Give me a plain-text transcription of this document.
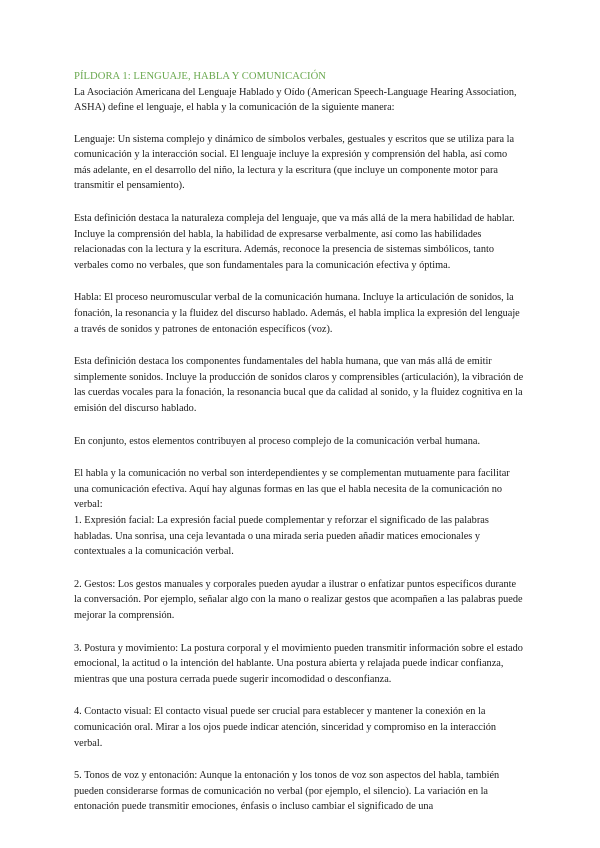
PÍLDORA 1: LENGUAJE, HABLA Y COMUNICACIÓN

La Asociación Americana del Lenguaje Hablado y Oído (American Speech-Language Hearing Association, ASHA) define el lenguaje, el habla y la comunicación de la siguiente manera:

Lenguaje: Un sistema complejo y dinámico de símbolos verbales, gestuales y escritos que se utiliza para la comunicación y la interacción social. El lenguaje incluye la expresión y comprensión del habla, así como más adelante, en el desarrollo del niño, la lectura y la escritura (que incluye un componente motor para transmitir el pensamiento).

Esta definición destaca la naturaleza compleja del lenguaje, que va más allá de la mera habilidad de hablar. Incluye la comprensión del habla, la habilidad de expresarse verbalmente, así como las habilidades relacionadas con la lectura y la escritura. Además, reconoce la presencia de sistemas simbólicos, tanto verbales como no verbales, que son fundamentales para la comunicación efectiva y óptima.

Habla: El proceso neuromuscular verbal de la comunicación humana. Incluye la articulación de sonidos, la fonación, la resonancia y la fluidez del discurso hablado. Además, el habla implica la expresión del lenguaje a través de sonidos y patrones de entonación específicos (voz).

Esta definición destaca los componentes fundamentales del habla humana, que van más allá de emitir simplemente sonidos. Incluye la producción de sonidos claros y comprensibles (articulación), la vibración de las cuerdas vocales para la fonación, la resonancia bucal que da calidad al sonido, y la fluidez cognitiva en la emisión del discurso hablado.

En conjunto, estos elementos contribuyen al proceso complejo de la comunicación verbal humana.

El habla y la comunicación no verbal son interdependientes y se complementan mutuamente para facilitar una comunicación efectiva. Aquí hay algunas formas en las que el habla necesita de la comunicación no verbal:

1. Expresión facial: La expresión facial puede complementar y reforzar el significado de las palabras habladas. Una sonrisa, una ceja levantada o una mirada seria pueden añadir matices emocionales y contextuales a la comunicación verbal.

2. Gestos: Los gestos manuales y corporales pueden ayudar a ilustrar o enfatizar puntos específicos durante la conversación. Por ejemplo, señalar algo con la mano o realizar gestos que acompañen a las palabras puede mejorar la comprensión.

3. Postura y movimiento: La postura corporal y el movimiento pueden transmitir información sobre el estado emocional, la actitud o la intención del hablante. Una postura abierta y relajada puede indicar confianza, mientras que una postura cerrada puede sugerir incomodidad o desconfianza.

4. Contacto visual: El contacto visual puede ser crucial para establecer y mantener la conexión en la comunicación oral. Mirar a los ojos puede indicar atención, sinceridad y compromiso en la interacción verbal.

5. Tonos de voz y entonación: Aunque la entonación y los tonos de voz son aspectos del habla, también pueden considerarse formas de comunicación no verbal (por ejemplo, el silencio). La variación en la entonación puede transmitir emociones, énfasis o incluso cambiar el significado de una
